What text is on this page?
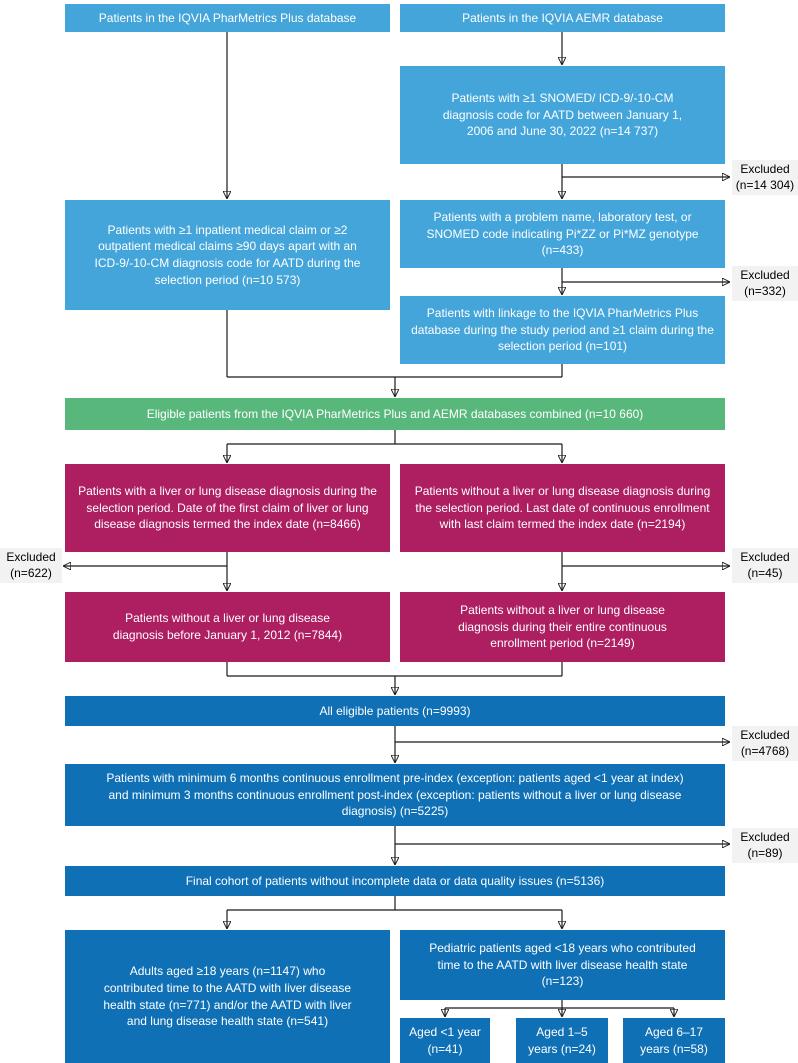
Patients in the IQVIA PharMetrics Plus database	Patients in the IQVIA AEMR database
Patients with ≥1 SNOMED/ ICD-9/-10-CM diagnosis code for AATD between January 1, 2006 and June 30, 2022 (n=14 737)
Patients with ≥1 inpatient medical claim or ≥2 outpatient medical claims ≥90 days apart with an ICD-9/-10-CM diagnosis code for AATD during the selection period (n=10 573)
Patients with a problem name, laboratory test, or SNOMED code indicating Pi*ZZ or Pi*MZ genotype (n=433)
Patients with linkage to the IQVIA PharMetrics Plus database during the study period and ≥1 claim during the selection period (n=101)
Eligible patients from the IQVIA PharMetrics Plus and AEMR databases combined (n=10 660)
Patients with a liver or lung disease diagnosis during the selection period. Date of the first claim of liver or lung disease diagnosis termed the index date (n=8466)
Patients without a liver or lung disease diagnosis during the selection period. Last date of continuous enrollment with last claim termed the index date (n=2194)
Patients without a liver or lung disease diagnosis before January 1, 2012 (n=7844)
Patients without a liver or lung disease diagnosis during their entire continuous enrollment period (n=2149)
All eligible patients (n=9993)
Patients with minimum 6 months continuous enrollment pre-index (exception: patients aged <1 year at index) and minimum 3 months continuous enrollment post-index (exception: patients without a liver or lung disease diagnosis) (n=5225)
Final cohort of patients without incomplete data or data quality issues (n=5136)
Adults aged ≥18 years (n=1147) who contributed time to the AATD with liver disease health state (n=771) and/or the AATD with liver and lung disease health state (n=541)
Pediatric patients aged <18 years who contributed time to the AATD with liver disease health state (n=123)
Aged <1 year (n=41)
Aged 1–5 years (n=24)
Aged 6–17 years (n=58)
Excluded
(n=14 304)
Excluded
(n=332)
Excluded
(n=622)
Excluded
(n=45)
Excluded
(n=4768)
Excluded
(n=89)
